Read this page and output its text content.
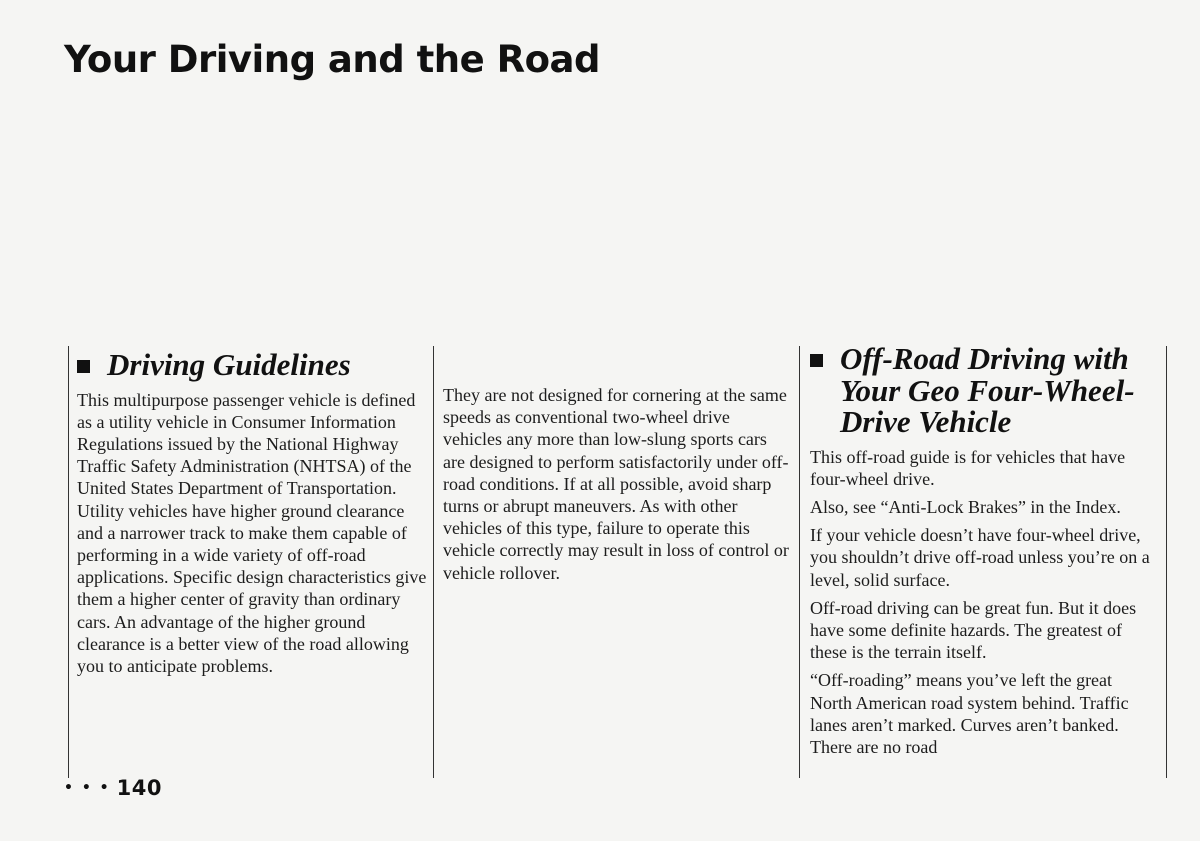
Your Driving and the Road
Driving Guidelines

This multipurpose passenger vehicle is defined as a utility vehicle in Consumer Information Regulations issued by the National Highway Traffic Safety Administration (NHTSA) of the United States Department of Transportation. Utility vehicles have higher ground clearance and a narrower track to make them capable of performing in a wide variety of off-road applications. Specific design characteristics give them a higher center of gravity than ordinary cars. An advantage of the higher ground clearance is a better view of the road allowing you to anticipate problems.

They are not designed for cornering at the same speeds as conventional two-wheel drive vehicles any more than low-slung sports cars are designed to perform satisfactorily under off-road conditions. If at all possible, avoid sharp turns or abrupt maneuvers. As with other vehicles of this type, failure to operate this vehicle correctly may result in loss of control or vehicle rollover.

Off-Road Driving with Your Geo Four-Wheel-Drive Vehicle

This off-road guide is for vehicles that have four-wheel drive.

Also, see “Anti-Lock Brakes” in the Index.

If your vehicle doesn’t have four-wheel drive, you shouldn’t drive off-road unless you’re on a level, solid surface.

Off-road driving can be great fun. But it does have some definite hazards. The greatest of these is the terrain itself.

“Off-roading” means you’ve left the great North American road system behind. Traffic lanes aren’t marked. Curves aren’t banked. There are no road

• • • 140
